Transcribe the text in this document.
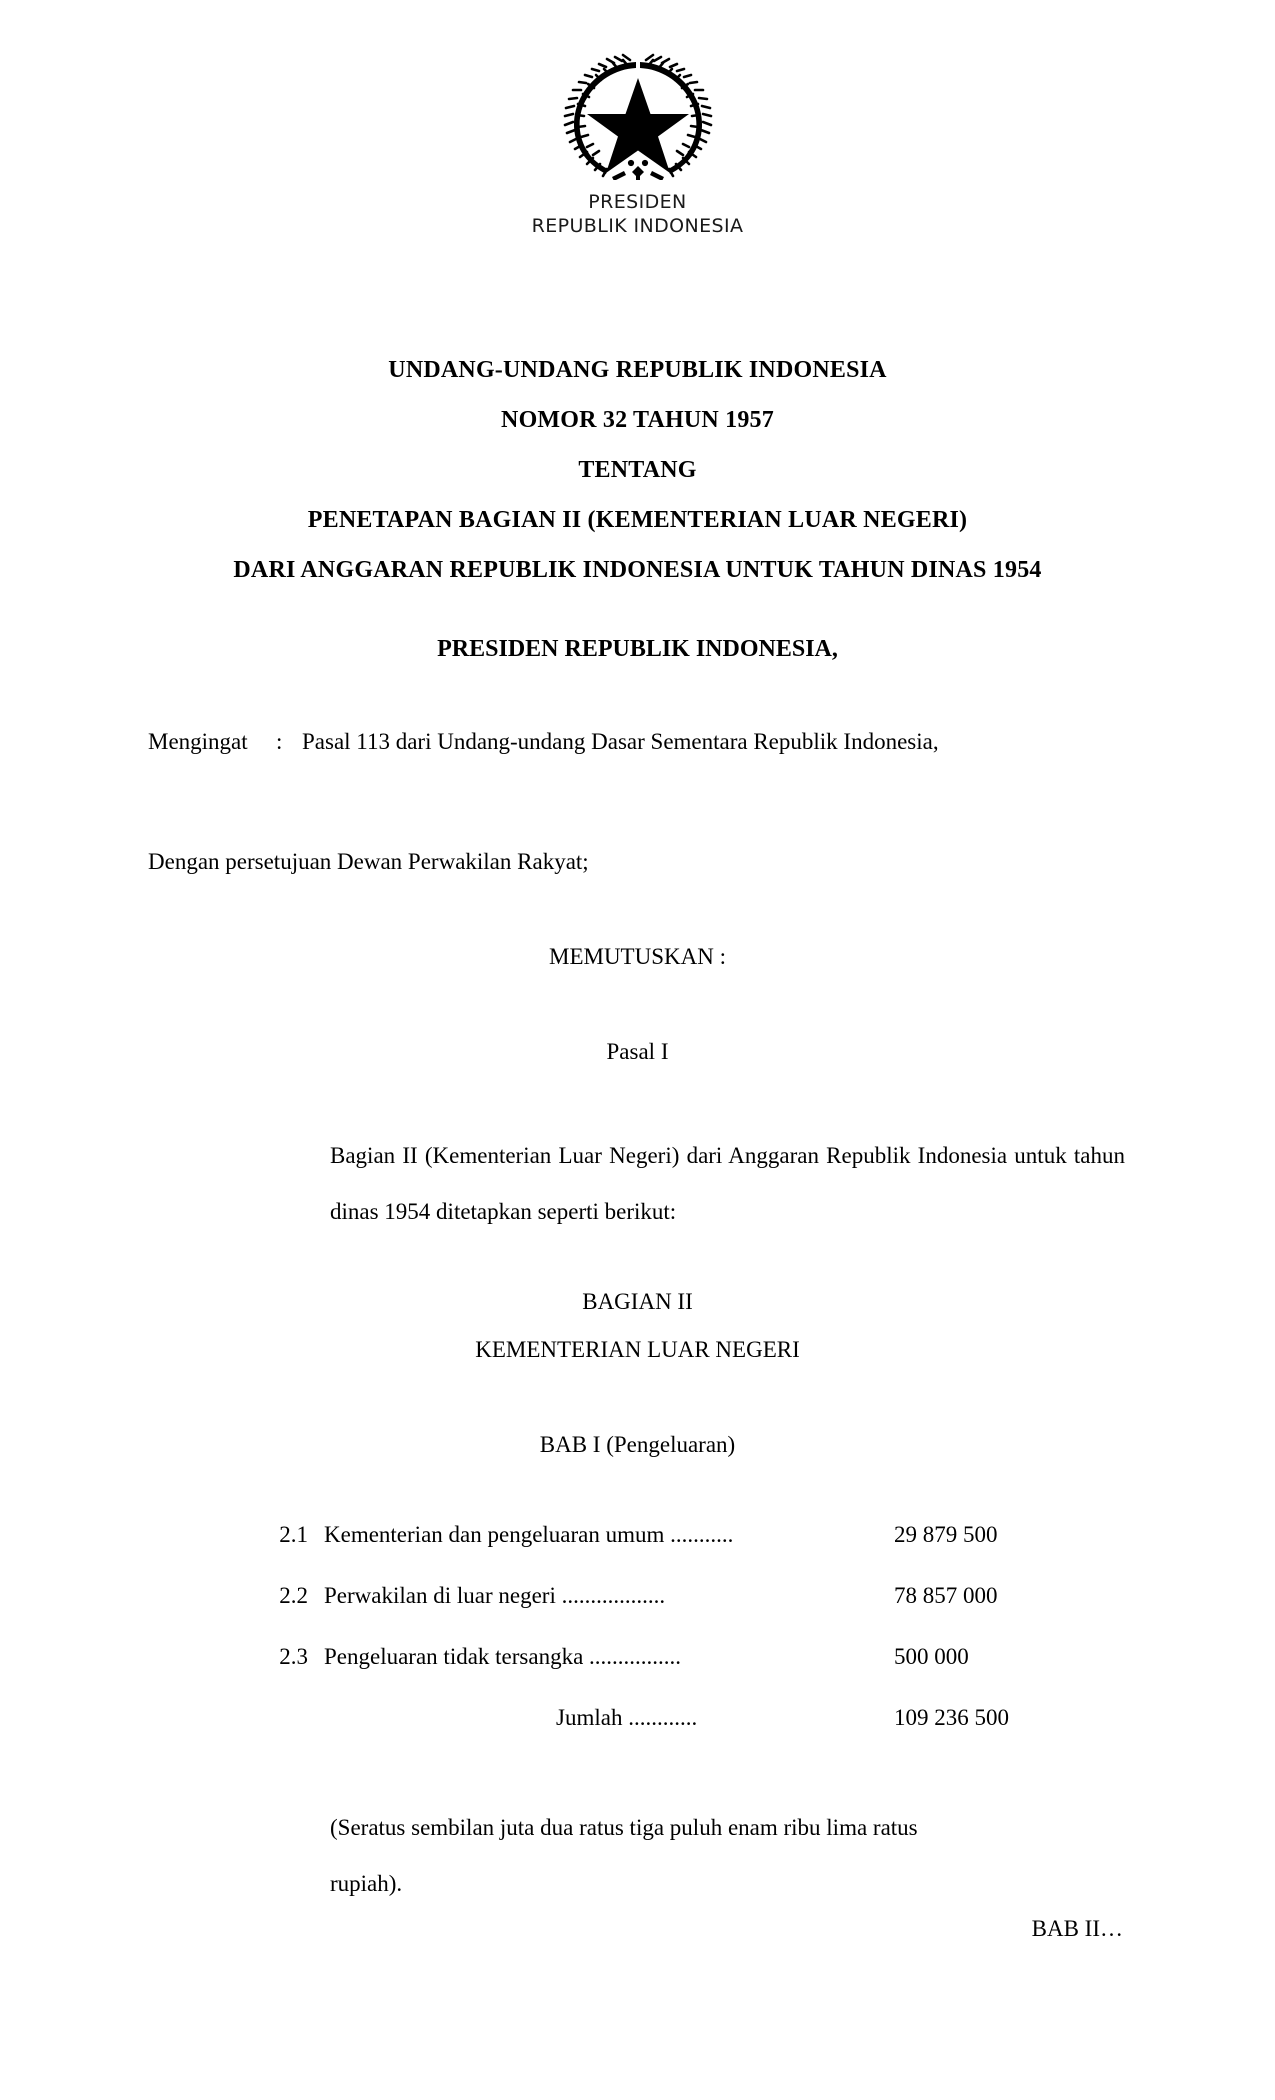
PRESIDEN
REPUBLIK INDONESIA
UNDANG-UNDANG REPUBLIK INDONESIA
NOMOR 32 TAHUN 1957
TENTANG
PENETAPAN BAGIAN II (KEMENTERIAN LUAR NEGERI)
DARI ANGGARAN REPUBLIK INDONESIA UNTUK TAHUN DINAS 1954
PRESIDEN REPUBLIK INDONESIA,
Mengingat	: Pasal 113 dari Undang-undang Dasar Sementara Republik Indonesia,
Dengan persetujuan Dewan Perwakilan Rakyat;
MEMUTUSKAN :
Pasal I
Bagian II (Kementerian Luar Negeri) dari Anggaran Republik Indonesia untuk tahun dinas 1954 ditetapkan seperti berikut:
BAGIAN II
KEMENTERIAN LUAR NEGERI
BAB I (Pengeluaran)
2.1 Kementerian dan pengeluaran umum ...........	29 879 500
2.2 Perwakilan di luar negeri ..................	78 857 000
2.3 Pengeluaran tidak tersangka ................	500 000
Jumlah ............	109 236 500
(Seratus sembilan juta dua ratus tiga puluh enam ribu lima ratus
rupiah).
BAB II…
